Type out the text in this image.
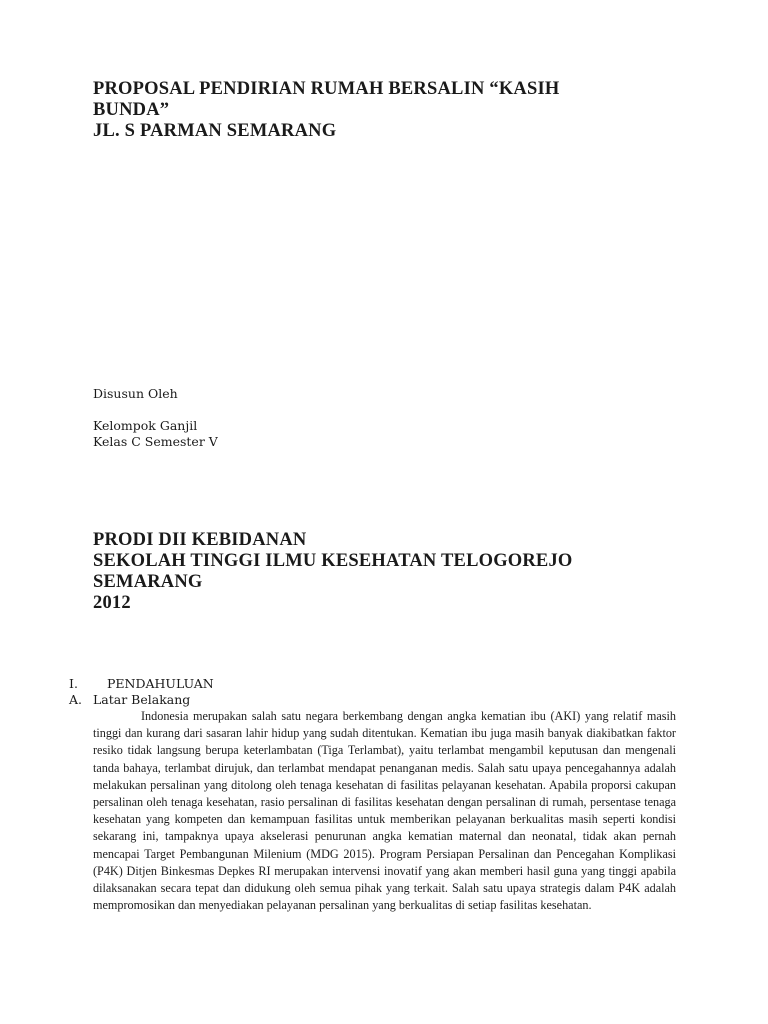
PROPOSAL PENDIRIAN RUMAH BERSALIN “KASIH
BUNDA”
JL. S PARMAN SEMARANG
Disusun Oleh
Kelompok Ganjil
Kelas C Semester V
PRODI DII KEBIDANAN
SEKOLAH TINGGI ILMU KESEHATAN TELOGOREJO
SEMARANG
2012
I.	PENDAHULUAN
A. Latar Belakang

Indonesia merupakan salah satu negara berkembang dengan angka kematian ibu (AKI) yang relatif masih tinggi dan kurang dari sasaran lahir hidup yang sudah ditentukan. Kematian ibu juga masih banyak diakibatkan faktor resiko tidak langsung berupa keterlambatan (Tiga Terlambat), yaitu terlambat mengambil keputusan dan mengenali tanda bahaya, terlambat dirujuk, dan terlambat mendapat penanganan medis. Salah satu upaya pencegahannya adalah melakukan persalinan yang ditolong oleh tenaga kesehatan di fasilitas pelayanan kesehatan. Apabila proporsi cakupan persalinan oleh tenaga kesehatan, rasio persalinan di fasilitas kesehatan dengan persalinan di rumah, persentase tenaga kesehatan yang kompeten dan kemampuan fasilitas untuk memberikan pelayanan berkualitas masih seperti kondisi sekarang ini, tampaknya upaya akselerasi penurunan angka kematian maternal dan neonatal, tidak akan pernah mencapai Target Pembangunan Milenium (MDG 2015). Program Persiapan Persalinan dan Pencegahan Komplikasi (P4K) Ditjen Binkesmas Depkes RI merupakan intervensi inovatif yang akan memberi hasil guna yang tinggi apabila dilaksanakan secara tepat dan didukung oleh semua pihak yang terkait. Salah satu upaya strategis dalam P4K adalah mempromosikan dan menyediakan pelayanan persalinan yang berkualitas di setiap fasilitas kesehatan.
